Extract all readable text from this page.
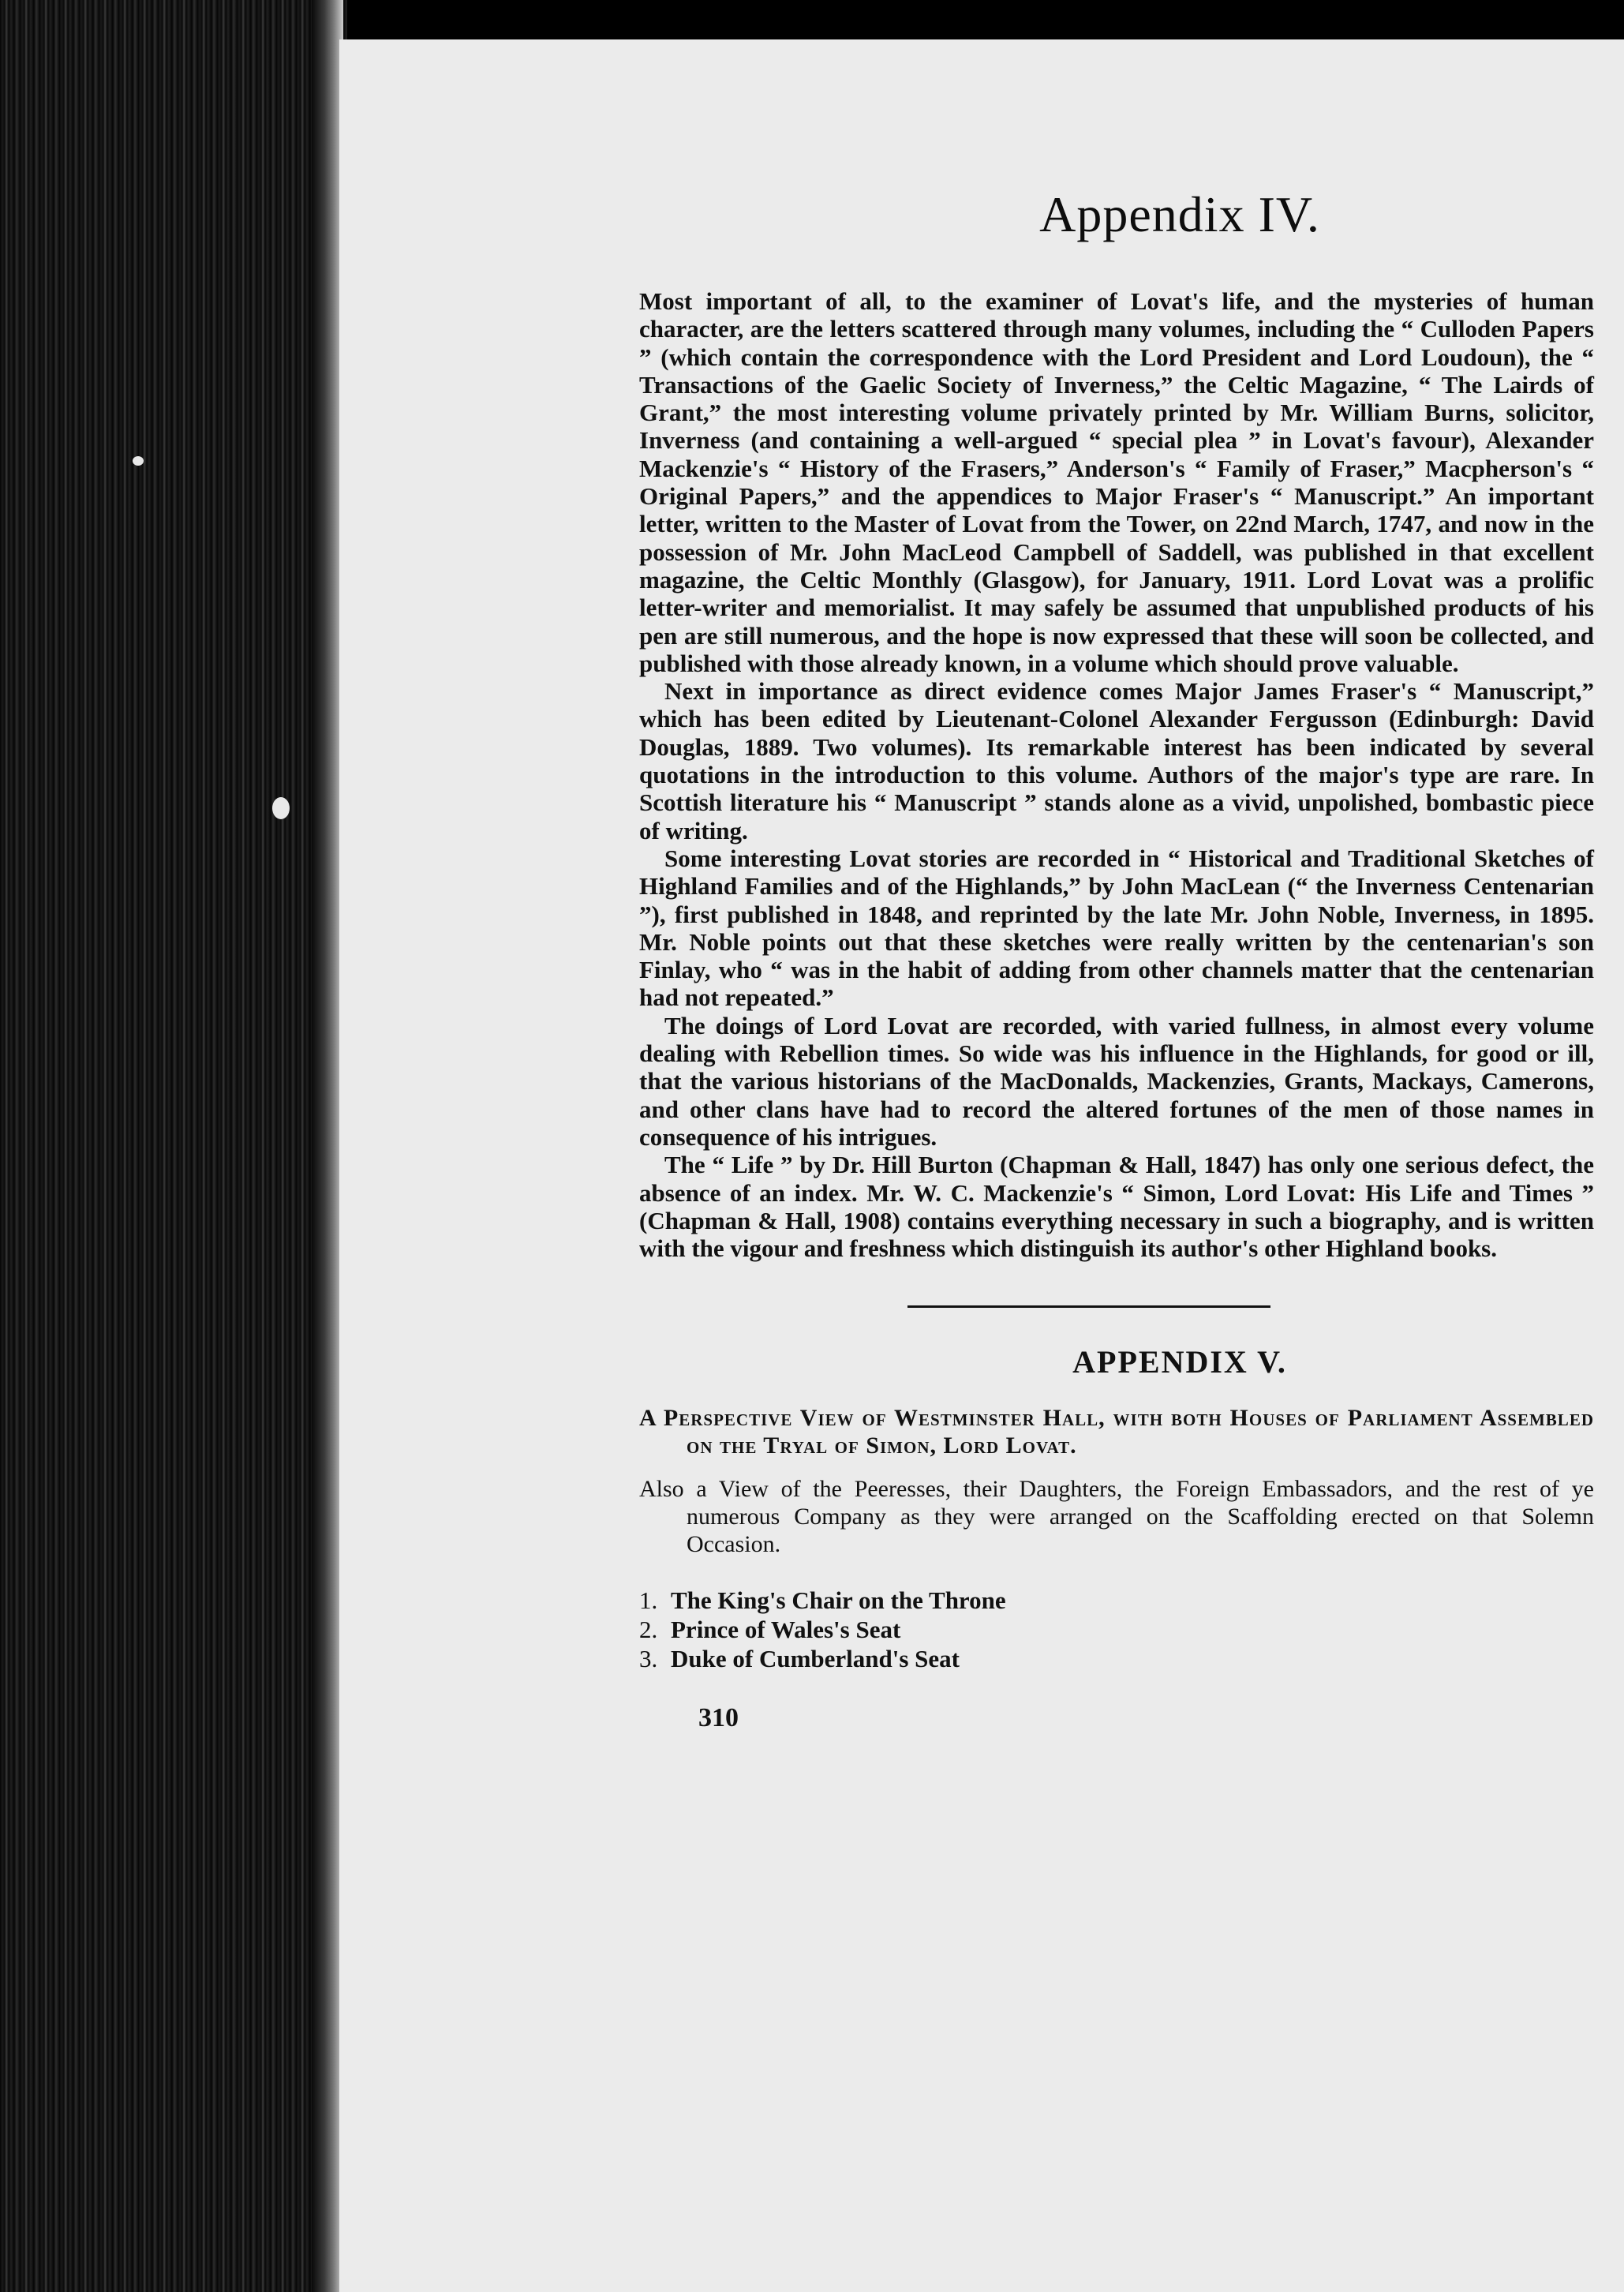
Appendix IV.

Most important of all, to the examiner of Lovat's life, and the mysteries of human character, are the letters scattered through many volumes, including the “ Culloden Papers ” (which contain the correspondence with the Lord President and Lord Loudoun), the “ Transactions of the Gaelic Society of Inverness,” the Celtic Magazine, “ The Lairds of Grant,” the most interesting volume privately printed by Mr. William Burns, solicitor, Inverness (and containing a well-argued “ special plea ” in Lovat's favour), Alexander Mackenzie's “ History of the Frasers,” Anderson's “ Family of Fraser,” Macpherson's “ Original Papers,” and the appendices to Major Fraser's “ Manuscript.” An important letter, written to the Master of Lovat from the Tower, on 22nd March, 1747, and now in the possession of Mr. John MacLeod Campbell of Saddell, was published in that excellent magazine, the Celtic Monthly (Glasgow), for January, 1911. Lord Lovat was a prolific letter-writer and memorialist. It may safely be assumed that unpublished products of his pen are still numerous, and the hope is now expressed that these will soon be collected, and published with those already known, in a volume which should prove valuable.

Next in importance as direct evidence comes Major James Fraser's “ Manuscript,” which has been edited by Lieutenant-Colonel Alexander Fergusson (Edinburgh: David Douglas, 1889. Two volumes). Its remarkable interest has been indicated by several quotations in the introduction to this volume. Authors of the major's type are rare. In Scottish literature his “ Manuscript ” stands alone as a vivid, unpolished, bombastic piece of writing.

Some interesting Lovat stories are recorded in “ Historical and Traditional Sketches of Highland Families and of the Highlands,” by John MacLean (“ the Inverness Centenarian ”), first published in 1848, and reprinted by the late Mr. John Noble, Inverness, in 1895. Mr. Noble points out that these sketches were really written by the centenarian's son Finlay, who “ was in the habit of adding from other channels matter that the centenarian had not repeated.”

The doings of Lord Lovat are recorded, with varied fullness, in almost every volume dealing with Rebellion times. So wide was his influence in the Highlands, for good or ill, that the various historians of the MacDonalds, Mackenzies, Grants, Mackays, Camerons, and other clans have had to record the altered fortunes of the men of those names in consequence of his intrigues.

The “ Life ” by Dr. Hill Burton (Chapman & Hall, 1847) has only one serious defect, the absence of an index. Mr. W. C. Mackenzie's “ Simon, Lord Lovat: His Life and Times ” (Chapman & Hall, 1908) contains everything necessary in such a biography, and is written with the vigour and freshness which distinguish its author's other Highland books.

APPENDIX V.

A Perspective View of Westminster Hall, with both Houses of Parliament Assembled on the Tryal of Simon, Lord Lovat.

Also a View of the Peeresses, their Daughters, the Foreign Embassadors, and the rest of ye numerous Company as they were arranged on the Scaffolding erected on that Solemn Occasion.

1. The King's Chair on the Throne
2. Prince of Wales's Seat
3. Duke of Cumberland's Seat
310
